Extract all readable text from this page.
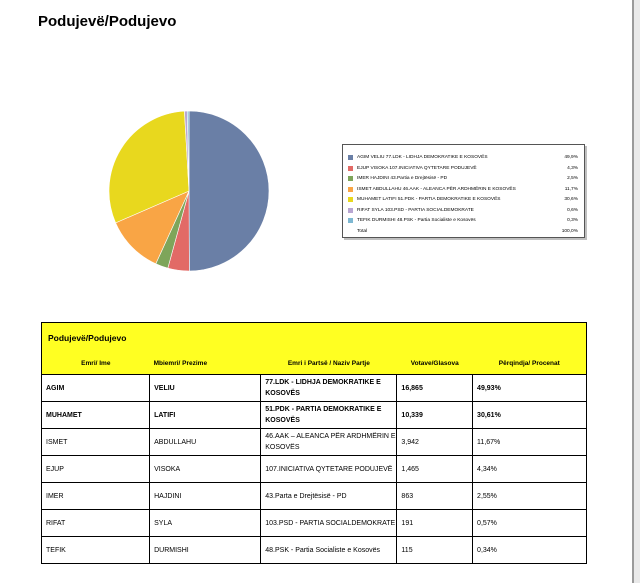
Podujevë/Podujevo
AGIM VELIU 77.LDK - LIDHJA DEMOKRATIKE E KOSOVËS	49,9%
EJUP VISOKA 107.INICIATIVA QYTETARE PODUJEVË	4,3%
IMER HAJDINI 43.Partia e Drejtësisë - PD	2,5%
ISMET ABDULLAHU 46.AAK - ALEANCA PËR ARDHMËRIN E KOSOVËS	11,7%
MUHAMET LATIFI 51.PDK - PARTIA DEMOKRATIKE E KOSOVËS	30,6%
RIFAT SYLA 103.PSD - PARTIA SOCIALDEMOKRATE	0,6%
TEFIK DURMISHI 48.PSK - Partia Socialiste e Kosovës	0,3%
Total	100,0%
Podujevë/Podujevo				
Emri/ Ime	Mbiemri/ Prezime	Emri i Partsë / Naziv Partje	Votave/Glasova	Përqindja/ Procenat
AGIM	VELIU	77.LDK - LIDHJA DEMOKRATIKE E KOSOVËS	16,865	49,93%
MUHAMET	LATIFI	51.PDK - PARTIA DEMOKRATIKE E KOSOVËS	10,339	30,61%
ISMET	ABDULLAHU	46.AAK – ALEANCA PËR ARDHMËRIN E KOSOVËS	3,942	11,67%
EJUP	VISOKA	107.INICIATIVA QYTETARE PODUJEVË	1,465	4,34%
IMER	HAJDINI	43.Parta e Drejtësisë - PD	863	2,55%
RIFAT	SYLA	103.PSD - PARTIA SOCIALDEMOKRATE	191	0,57%
TEFIK	DURMISHI	48.PSK - Partia Socialiste e Kosovës	115	0,34%
